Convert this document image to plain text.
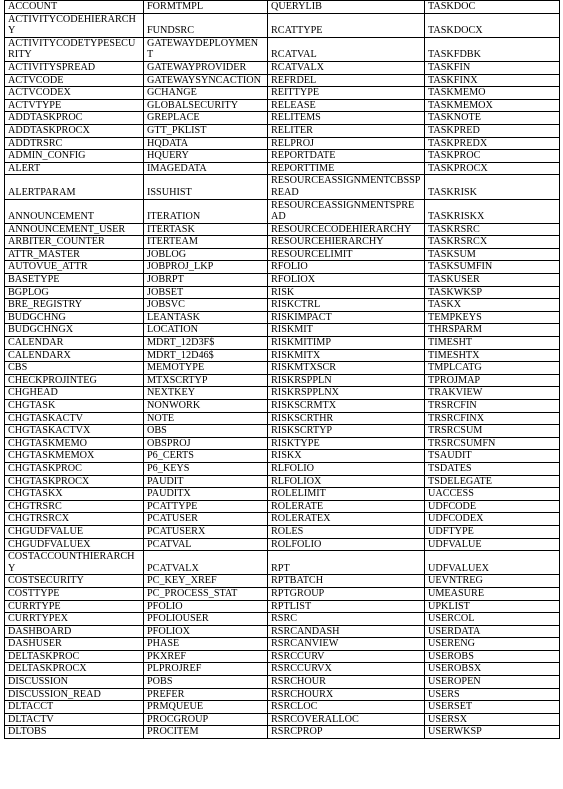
ACCOUNT	FORMTMPL	QUERYLIB	TASKDOC
ACTIVITYCODEHIERARCHY	FUNDSRC	RCATTYPE	TASKDOCX
ACTIVITYCODETYPESECURITY	GATEWAYDEPLOYMENT	RCATVAL	TASKFDBK
ACTIVITYSPREAD	GATEWAYPROVIDER	RCATVALX	TASKFIN
ACTVCODE	GATEWAYSYNCACTION	REFRDEL	TASKFINX
ACTVCODEX	GCHANGE	REITTYPE	TASKMEMO
ACTVTYPE	GLOBALSECURITY	RELEASE	TASKMEMOX
ADDTASKPROC	GREPLACE	RELITEMS	TASKNOTE
ADDTASKPROCX	GTT_PKLIST	RELITER	TASKPRED
ADDTRSRC	HQDATA	RELPROJ	TASKPREDX
ADMIN_CONFIG	HQUERY	REPORTDATE	TASKPROC
ALERT	IMAGEDATA	REPORTTIME	TASKPROCX
ALERTPARAM	ISSUHIST	RESOURCEASSIGNMENTCBSSPREAD	TASKRISK
ANNOUNCEMENT	ITERATION	RESOURCEASSIGNMENTSPREAD	TASKRISKX
ANNOUNCEMENT_USER	ITERTASK	RESOURCECODEHIERARCHY	TASKRSRC
ARBITER_COUNTER	ITERTEAM	RESOURCEHIERARCHY	TASKRSRCX
ATTR_MASTER	JOBLOG	RESOURCELIMIT	TASKSUM
AUTOVUE_ATTR	JOBPROJ_LKP	RFOLIO	TASKSUMFIN
BASETYPE	JOBRPT	RFOLIOX	TASKUSER
BGPLOG	JOBSET	RISK	TASKWKSP
BRE_REGISTRY	JOBSVC	RISKCTRL	TASKX
BUDGCHNG	LEANTASK	RISKIMPACT	TEMPKEYS
BUDGCHNGX	LOCATION	RISKMIT	THRSPARM
CALENDAR	MDRT_12D3F$	RISKMITIMP	TIMESHT
CALENDARX	MDRT_12D46$	RISKMITX	TIMESHTX
CBS	MEMOTYPE	RISKMTXSCR	TMPLCATG
CHECKPROJINTEG	MTXSCRTYP	RISKRSPPLN	TPROJMAP
CHGHEAD	NEXTKEY	RISKRSPPLNX	TRAKVIEW
CHGTASK	NONWORK	RISKSCRMTX	TRSRCFIN
CHGTASKACTV	NOTE	RISKSCRTHR	TRSRCFINX
CHGTASKACTVX	OBS	RISKSCRTYP	TRSRCSUM
CHGTASKMEMO	OBSPROJ	RISKTYPE	TRSRCSUMFN
CHGTASKMEMOX	P6_CERTS	RISKX	TSAUDIT
CHGTASKPROC	P6_KEYS	RLFOLIO	TSDATES
CHGTASKPROCX	PAUDIT	RLFOLIOX	TSDELEGATE
CHGTASKX	PAUDITX	ROLELIMIT	UACCESS
CHGTRSRC	PCATTYPE	ROLERATE	UDFCODE
CHGTRSRCX	PCATUSER	ROLERATEX	UDFCODEX
CHGUDFVALUE	PCATUSERX	ROLES	UDFTYPE
CHGUDFVALUEX	PCATVAL	ROLFOLIO	UDFVALUE
COSTACCOUNTHIERARCHY	PCATVALX	RPT	UDFVALUEX
COSTSECURITY	PC_KEY_XREF	RPTBATCH	UEVNTREG
COSTTYPE	PC_PROCESS_STAT	RPTGROUP	UMEASURE
CURRTYPE	PFOLIO	RPTLIST	UPKLIST
CURRTYPEX	PFOLIOUSER	RSRC	USERCOL
DASHBOARD	PFOLIOX	RSRCANDASH	USERDATA
DASHUSER	PHASE	RSRCANVIEW	USERENG
DELTASKPROC	PKXREF	RSRCCURV	USEROBS
DELTASKPROCX	PLPROJREF	RSRCCURVX	USEROBSX
DISCUSSION	POBS	RSRCHOUR	USEROPEN
DISCUSSION_READ	PREFER	RSRCHOURX	USERS
DLTACCT	PRMQUEUE	RSRCLOC	USERSET
DLTACTV	PROCGROUP	RSRCOVERALLOC	USERSX
DLTOBS	PROCITEM	RSRCPROP	USERWKSP
